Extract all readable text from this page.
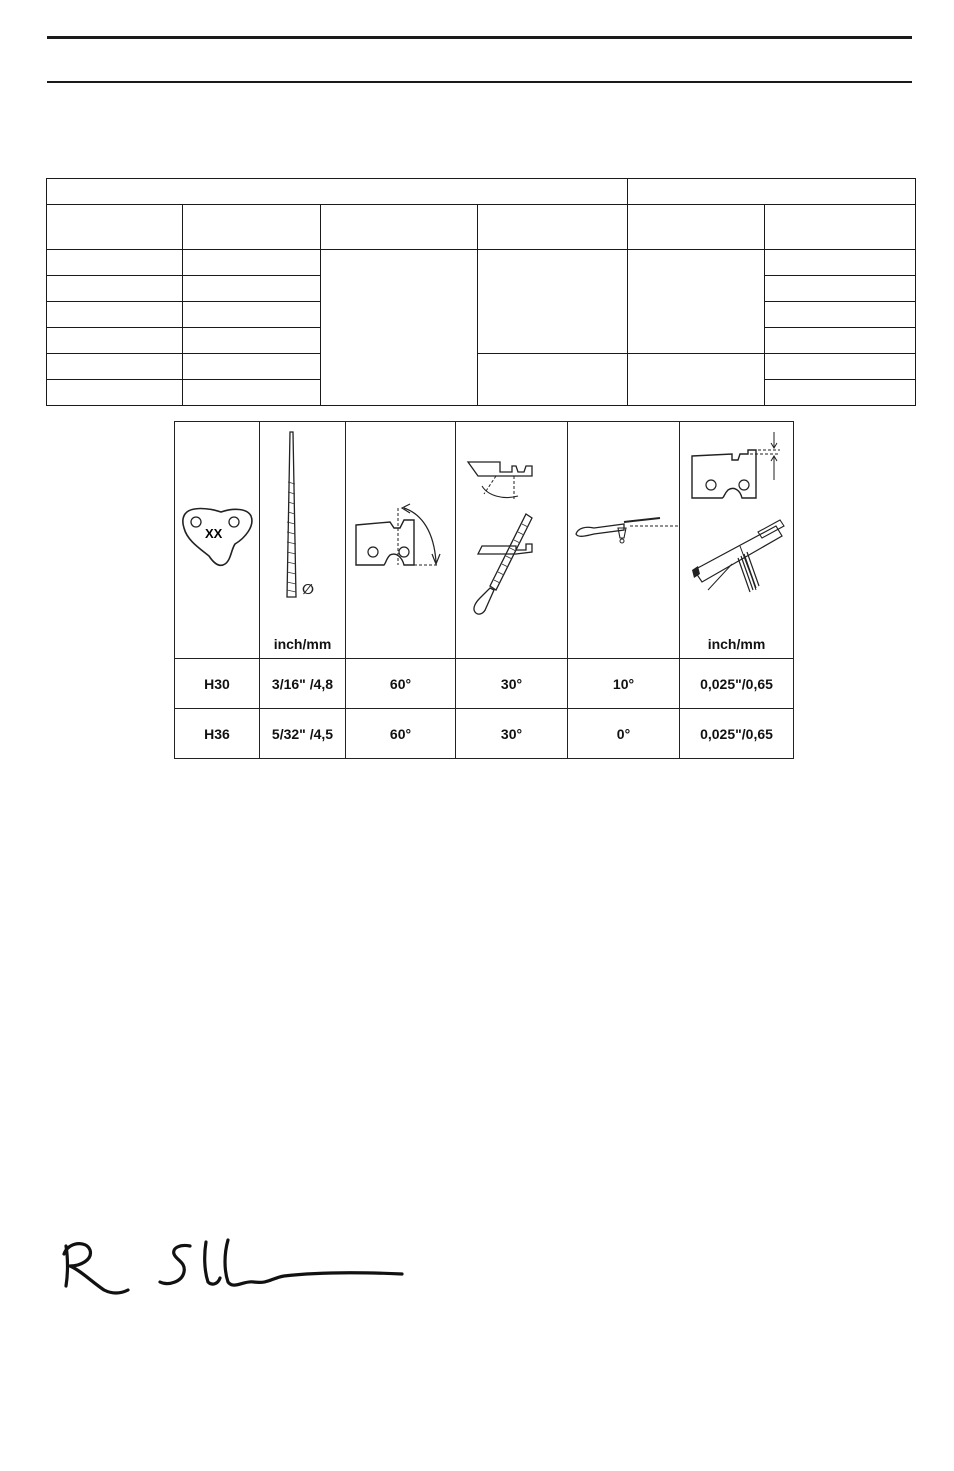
XX	∅
inch/mm				inch/mm

H30	3/16" /4,8	60°	30°	10°	0,025"/0,65
H36	5/32" /4,5	60°	30°	0°	0,025"/0,65
